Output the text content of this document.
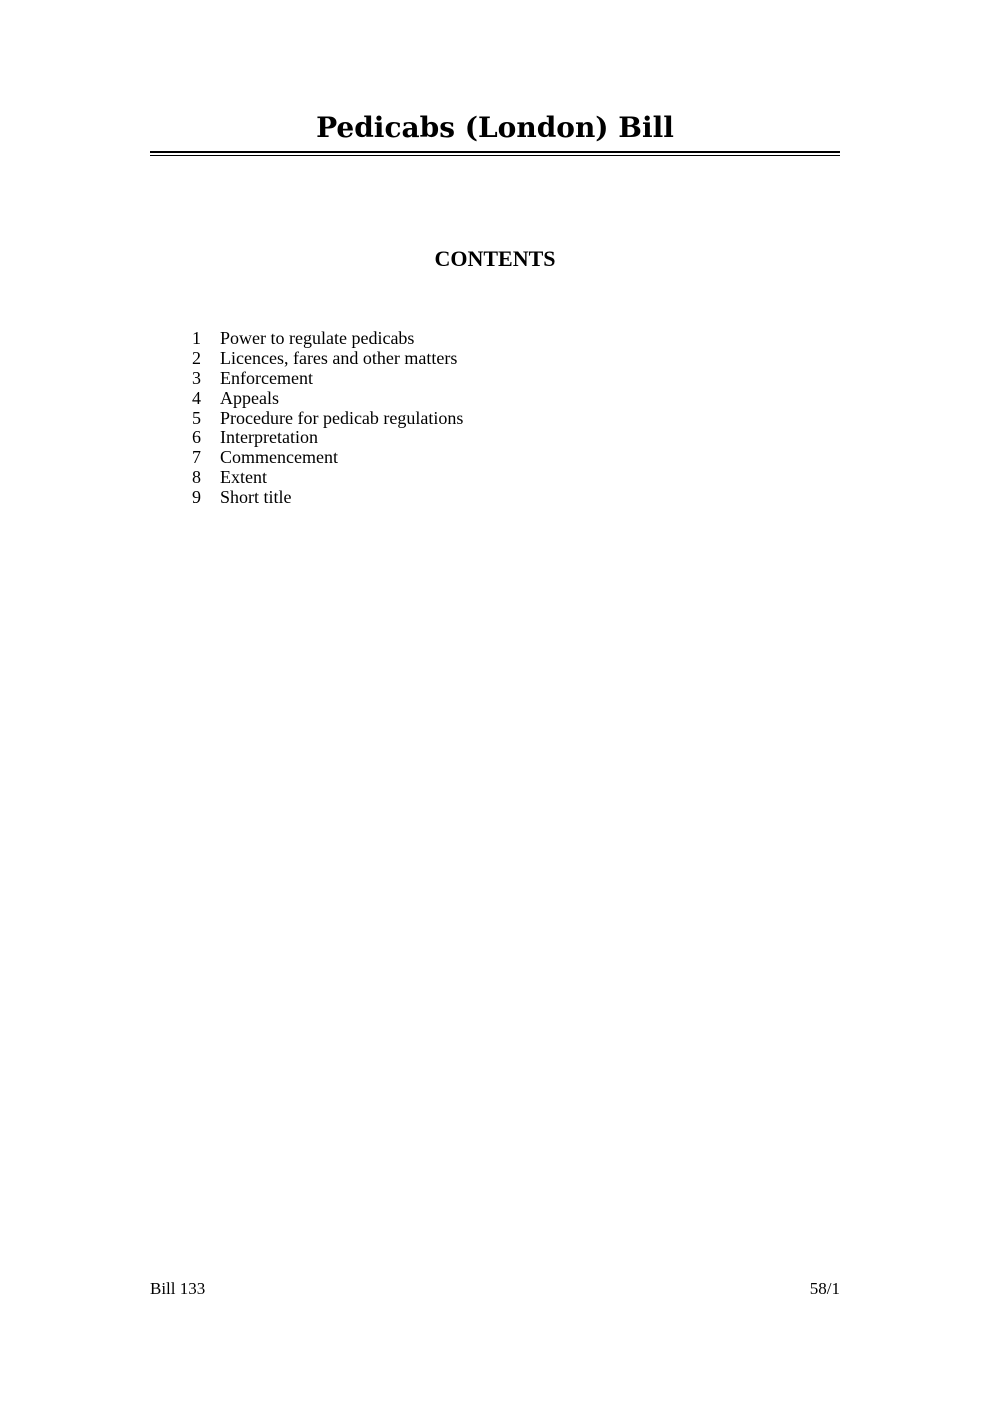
Pedicabs (London) Bill
CONTENTS
1 Power to regulate pedicabs
2 Licences, fares and other matters
3 Enforcement
4 Appeals
5 Procedure for pedicab regulations
6 Interpretation
7 Commencement
8 Extent
9 Short title
Bill 133	58/1
